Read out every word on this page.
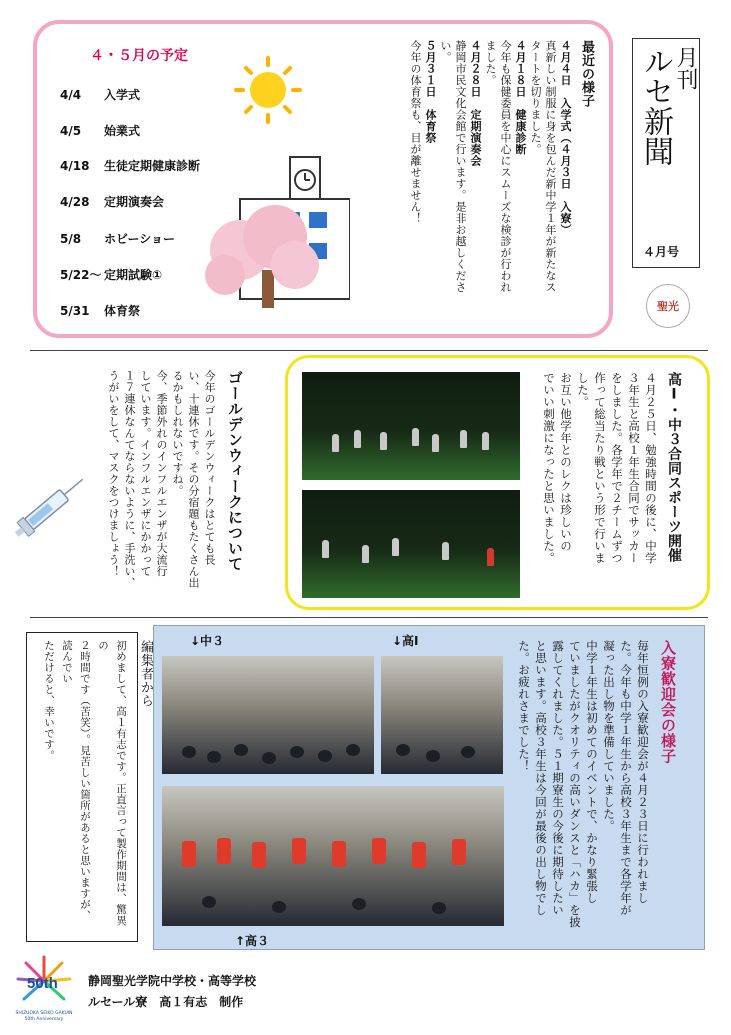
４・５月の予定
4/4 入学式
4/5 始業式
4/18 生徒定期健康診断
4/28 定期演奏会
5/8 ホビーショー
5/22〜 定期試験①
5/31 体育祭
最近の様子
４月４日　入学式（４月３日　入寮）
真新しい制服に身を包んだ新中学１年が新たなス
タートを切りました。
４月１８日　健康診断
今年も保健委員を中心にスムーズな検診が行われ
ました。
４月２８日　定期演奏会
静岡市民文化会館で行います。是非お越しくださ
い。
５月３１日　体育祭
今年の体育祭も、目が離せません！	月刊
ルセ新聞
４月号
聖光
ゴールデンウィークについて
今年のゴールデンウィークはとても長
い、十連休です。その分宿題もたくさん出
るかもしれないですね。
今、季節外れのインフルエンザが大流行
しています。インフルエンザにかかって
１７連休なんてならないように、手洗い、
うがいをして、マスクをつけましょう！	高Ⅰ・中３合同スポーツ開催
４月２５日、勉強時間の後に、中学
３年生と高校１年生合同でサッカー
をしました。各学年で２チームずつ
作って総当たり戦という形で行いま
した。
お互い他学年とのレクは珍しいの
でいい刺激になったと思いました。
編集者から
初めまして、高１有志です。正直言って製作期間は、驚異の
２時間です（苦笑）。見苦しい箇所があると思いますが、読んでい
ただけると、幸いです。	↓中３	↓高Ⅰ
↑高３
入寮歓迎会の様子
毎年恒例の入寮歓迎会が４月２３日に行われまし
た。今年も中学１年生から高校３年生まで各学年が
凝った出し物を準備していました。
中学１年生は初めてのイベントで、かなり緊張し
ていましたがクオリティの高いダンスと「ハカ」を披
露してくれました。５１期寮生の今後に期待したい
と思います。高校３年生は今回が最後の出し物でし
た。お疲れさまでした！
50th
SHIZUOKA SEIKO GAKUIN
50th Anniversary
静岡聖光学院中学校・高等学校
ルセール寮　高１有志　制作
